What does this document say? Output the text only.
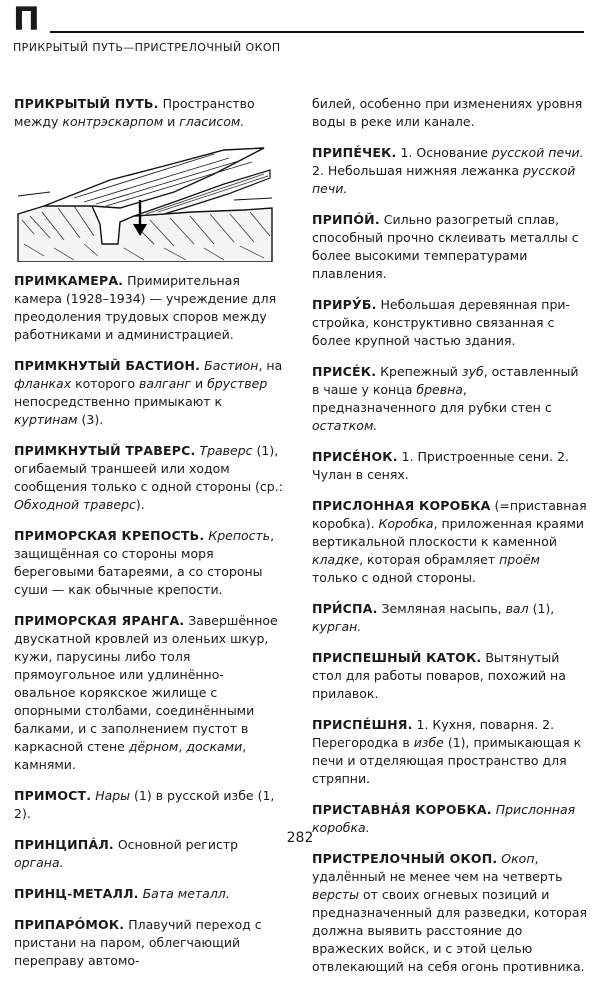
П
ПРИКРЫТЫЙ ПУТЬ—ПРИСТРЕЛОЧНЫЙ ОКОП
ПРИКРЫТЫЙ ПУТЬ. Пространство между контрэскарпом и гласисом.
ПРИМКАМЕРА. Примирительная камера (1928–1934) — учреждение для преодоления трудовых споров между работниками и администрацией.
ПРИМКНУТЫЙ БАСТИОН. Бастион, на фланках которого валганг и бруствер непосредственно примыкают к куртинам (3).
ПРИМКНУТЫЙ ТРАВЕРС. Траверс (1), огибаемый траншеей или ходом сообщения только с одной стороны (ср.: Обходной траверс).
ПРИМОРСКАЯ КРЕПОСТЬ. Крепость, защищённая со стороны моря береговыми батареями, а со стороны суши — как обычные крепости.
ПРИМОРСКАЯ ЯРАНГА. Завершённое двускатной кровлей из оленьих шкур, кужи, парусины либо толя прямоугольное или удлинённо-овальное корякское жилище с опорными столбами, соединёнными балками, и с заполнением пустот в каркасной стене дёрном, досками, камнями.
ПРИМОСТ. Нары (1) в русской избе (1, 2).
ПРИНЦИПÁЛ. Основной регистр органа.
ПРИНЦ-МЕТАЛЛ. Бата металл.
ПРИПАРÓМОК. Плавучий переход с пристани на паром, облегчающий переправу автомо-
билей, особенно при изменениях уровня воды в реке или канале.
ПРИПÉЧЕК. 1. Основание русской печи. 2. Небольшая нижняя лежанка русской печи.
ПРИПÓЙ. Сильно разогретый сплав, способный прочно склеивать металлы с более высокими температурами плавления.
ПРИРУ́Б. Небольшая деревянная пристройка, конструктивно связанная с более крупной частью здания.
ПРИСÉК. Крепежный зуб, оставленный в чаше у конца бревна, предназначенного для рубки стен с остатком.
ПРИСÉНОК. 1. Пристроенные сени. 2. Чулан в сенях.
ПРИСЛОННАЯ КОРОБКА (=приставная коробка). Коробка, приложенная краями вертикальной плоскости к каменной кладке, которая обрамляет проём только с одной стороны.
ПРИ́СПА. Земляная насыпь, вал (1), курган.
ПРИСПЕШНЫЙ КАТОК. Вытянутый стол для работы поваров, похожий на прилавок.
ПРИСПÉШНЯ. 1. Кухня, поварня. 2. Перегородка в избе (1), примыкающая к печи и отделяющая пространство для стряпни.
ПРИСТАВНÁЯ КОРОБКА. Прислонная коробка.
ПРИСТРЕЛОЧНЫЙ ОКОП. Окоп, удалённый не менее чем на четверть версты от своих огневых позиций и предназначенный для разведки, которая должна выявить расстояние до вражеских войск, и с этой целью отвлекающий на себя огонь противника.
282
